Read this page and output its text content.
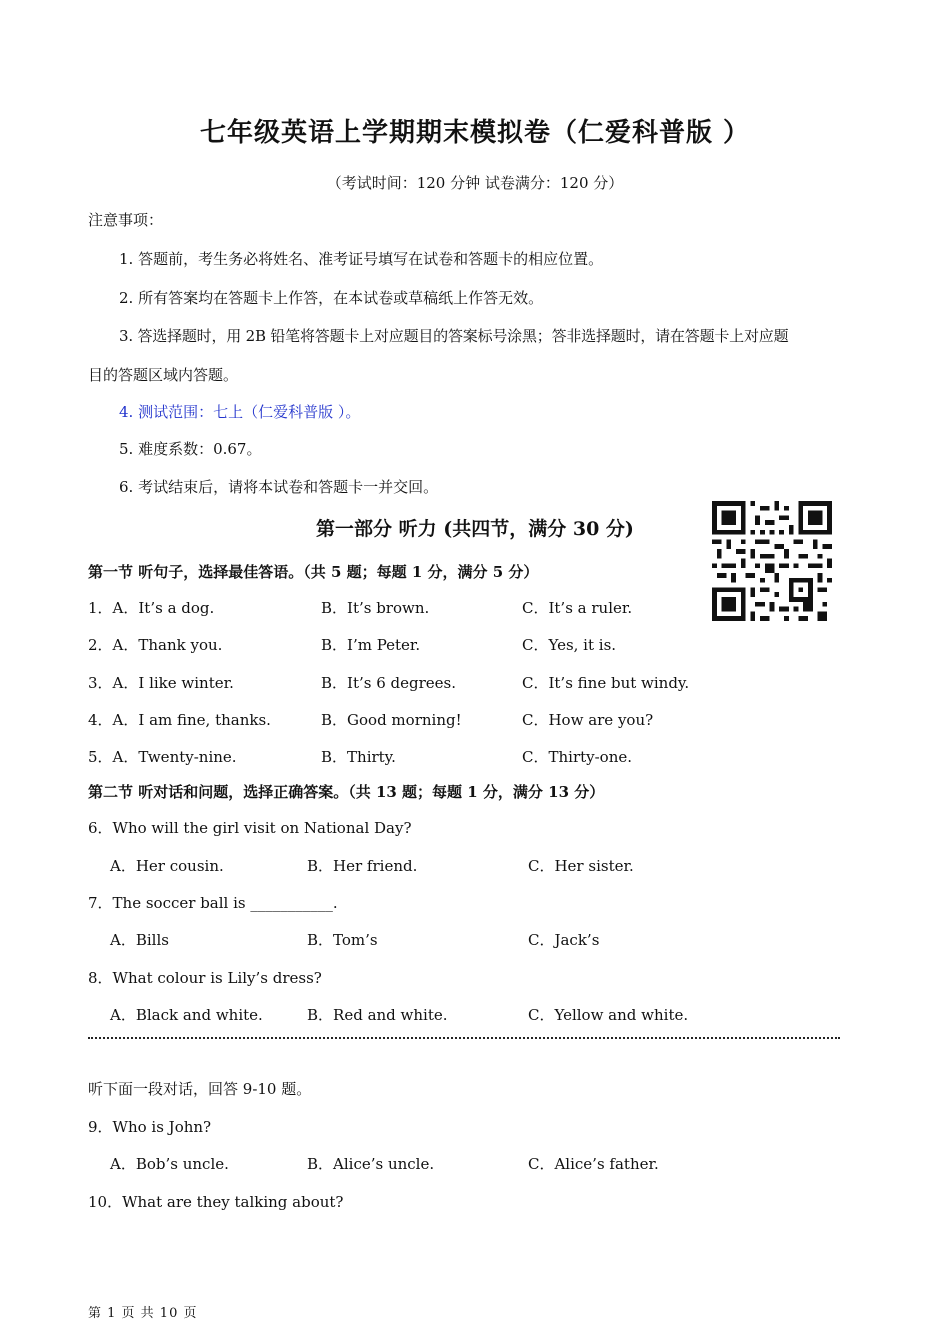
七年级英语上学期期末模拟卷（仁爱科普版 ）
（考试时间：120 分钟 试卷满分：120 分）
注意事项：
1. 答题前，考生务必将姓名、准考证号填写在试卷和答题卡的相应位置。
2. 所有答案均在答题卡上作答，在本试卷或草稿纸上作答无效。
3. 答选择题时，用 2B 铅笔将答题卡上对应题目的答案标号涂黑；答非选择题时，请在答题卡上对应题
目的答题区域内答题。
4. 测试范围：七上（仁爱科普版 ）。
5. 难度系数：0.67。
6. 考试结束后，请将本试卷和答题卡一并交回。
第一部分 听力 (共四节，满分 30 分)
第一节 听句子，选择最佳答语。（共 5 题；每题 1 分，满分 5 分）
1．A．It’s a dog.	B．It’s brown.	C．It’s a ruler.
2．A．Thank you.	B．I’m Peter.	C．Yes, it is.
3．A．I like winter.	B．It’s 6 degrees.	C．It’s fine but windy.
4．A．I am fine, thanks.	B．Good morning!	C．How are you?
5．A．Twenty-nine.	B．Thirty.	C．Thirty-one.
第二节 听对话和问题，选择正确答案。（共 13 题；每题 1 分，满分 13 分）
6．Who will the girl visit on National Day?
A．Her cousin.	B．Her friend.	C．Her sister.
7．The soccer ball is ___________.
A．Bills	B．Tom’s	C．Jack’s
8．What colour is Lily’s dress?
A．Black and white.	B．Red and white.	C．Yellow and white.
听下面一段对话，回答 9-10 题。
9．Who is John?
A．Bob’s uncle.	B．Alice’s uncle.	C．Alice’s father.
10．What are they talking about?
第 1 页 共 10 页
